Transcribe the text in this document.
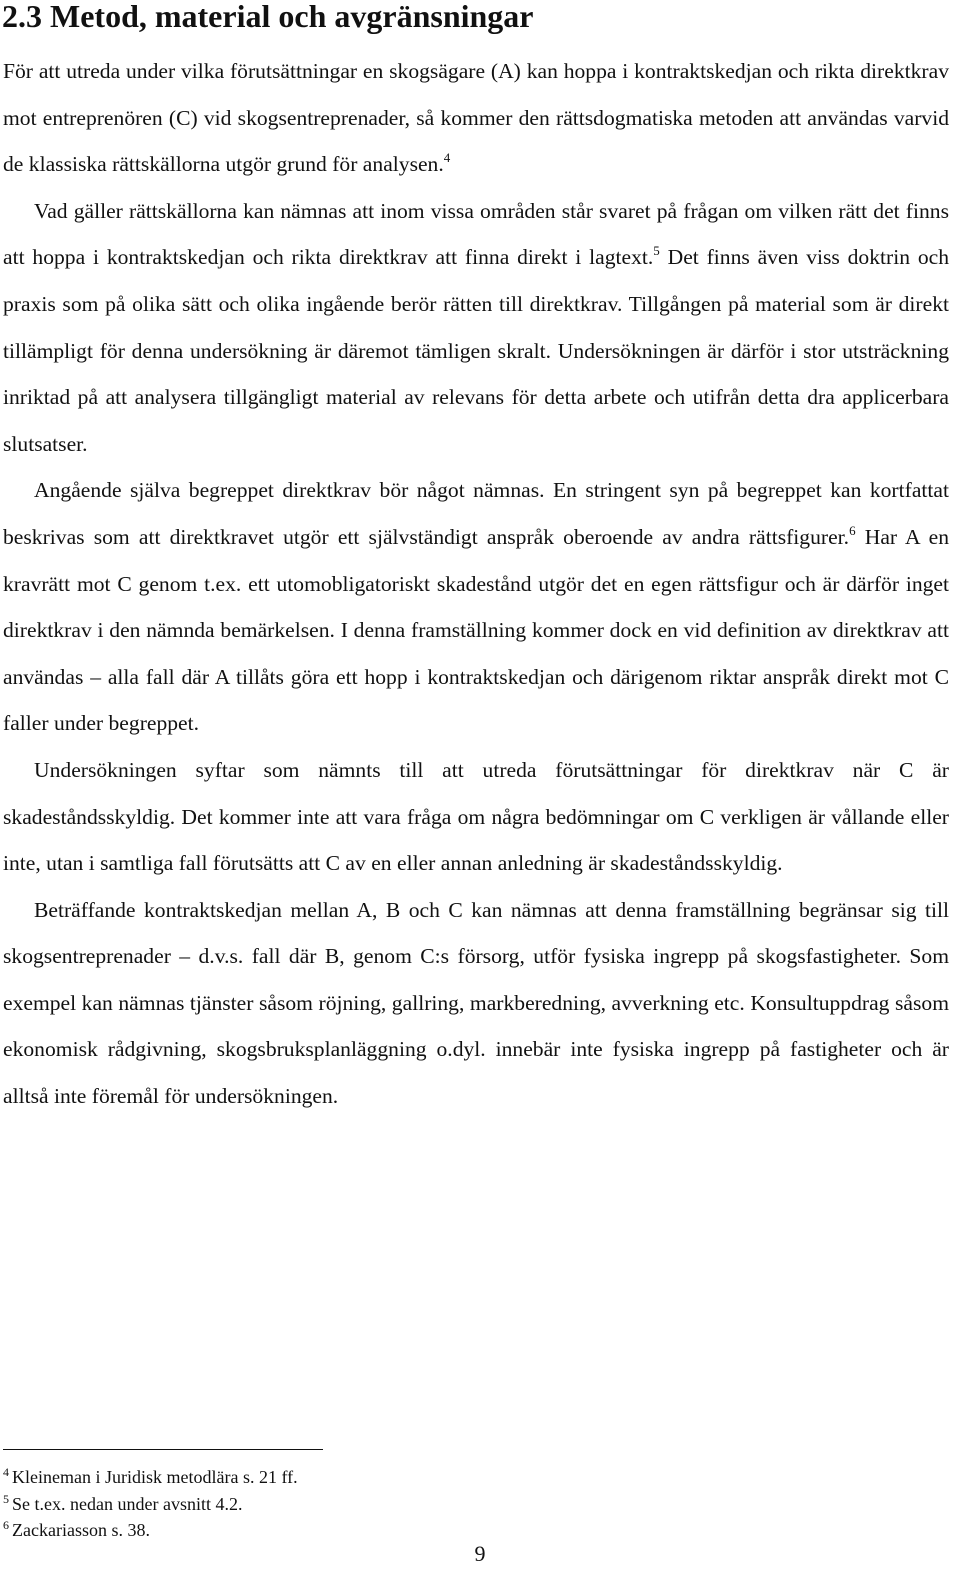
2.3 Metod, material och avgränsningar

För att utreda under vilka förutsättningar en skogsägare (A) kan hoppa i kontraktskedjan och rikta direktkrav mot entreprenören (C) vid skogsentreprenader, så kommer den rättsdogmatiska metoden att användas varvid de klassiska rättskällorna utgör grund för analysen.$^4$

Vad gäller rättskällorna kan nämnas att inom vissa områden står svaret på frågan om vilken rätt det finns att hoppa i kontraktskedjan och rikta direktkrav att finna direkt i lagtext.$^5$ Det finns även viss doktrin och praxis som på olika sätt och olika ingående berör rätten till direktkrav. Tillgången på material som är direkt tillämpligt för denna undersökning är däremot tämligen skralt. Undersökningen är därför i stor utsträckning inriktad på att analysera tillgängligt material av relevans för detta arbete och utifrån detta dra applicerbara slutsatser.

Angående själva begreppet direktkrav bör något nämnas. En stringent syn på begreppet kan kortfattat beskrivas som att direktkravet utgör ett självständigt anspråk oberoende av andra rättsfigurer.$^6$ Har A en kravrätt mot C genom t.ex. ett utomobligatoriskt skadestånd utgör det en egen rättsfigur och är därför inget direktkrav i den nämnda bemärkelsen. I denna framställning kommer dock en vid definition av direktkrav att användas – alla fall där A tillåts göra ett hopp i kontraktskedjan och därigenom riktar anspråk direkt mot C faller under begreppet.

Undersökningen syftar som nämnts till att utreda förutsättningar för direktkrav när C är skadeståndsskyldig. Det kommer inte att vara fråga om några bedömningar om C verkligen är vållande eller inte, utan i samtliga fall förutsätts att C av en eller annan anledning är skadeståndsskyldig.

Beträffande kontraktskedjan mellan A, B och C kan nämnas att denna framställning begränsar sig till skogsentreprenader – d.v.s. fall där B, genom C:s försorg, utför fysiska ingrepp på skogsfastigheter. Som exempel kan nämnas tjänster såsom röjning, gallring, markberedning, avverkning etc. Konsultuppdrag såsom ekonomisk rådgivning, skogsbruksplanläggning o.dyl. innebär inte fysiska ingrepp på fastigheter och är alltså inte föremål för undersökningen.

$^4$ Kleineman i Juridisk metodlära s. 21 ff.
$^5$ Se t.ex. nedan under avsnitt 4.2.
$^6$ Zackariasson s. 38.
9
